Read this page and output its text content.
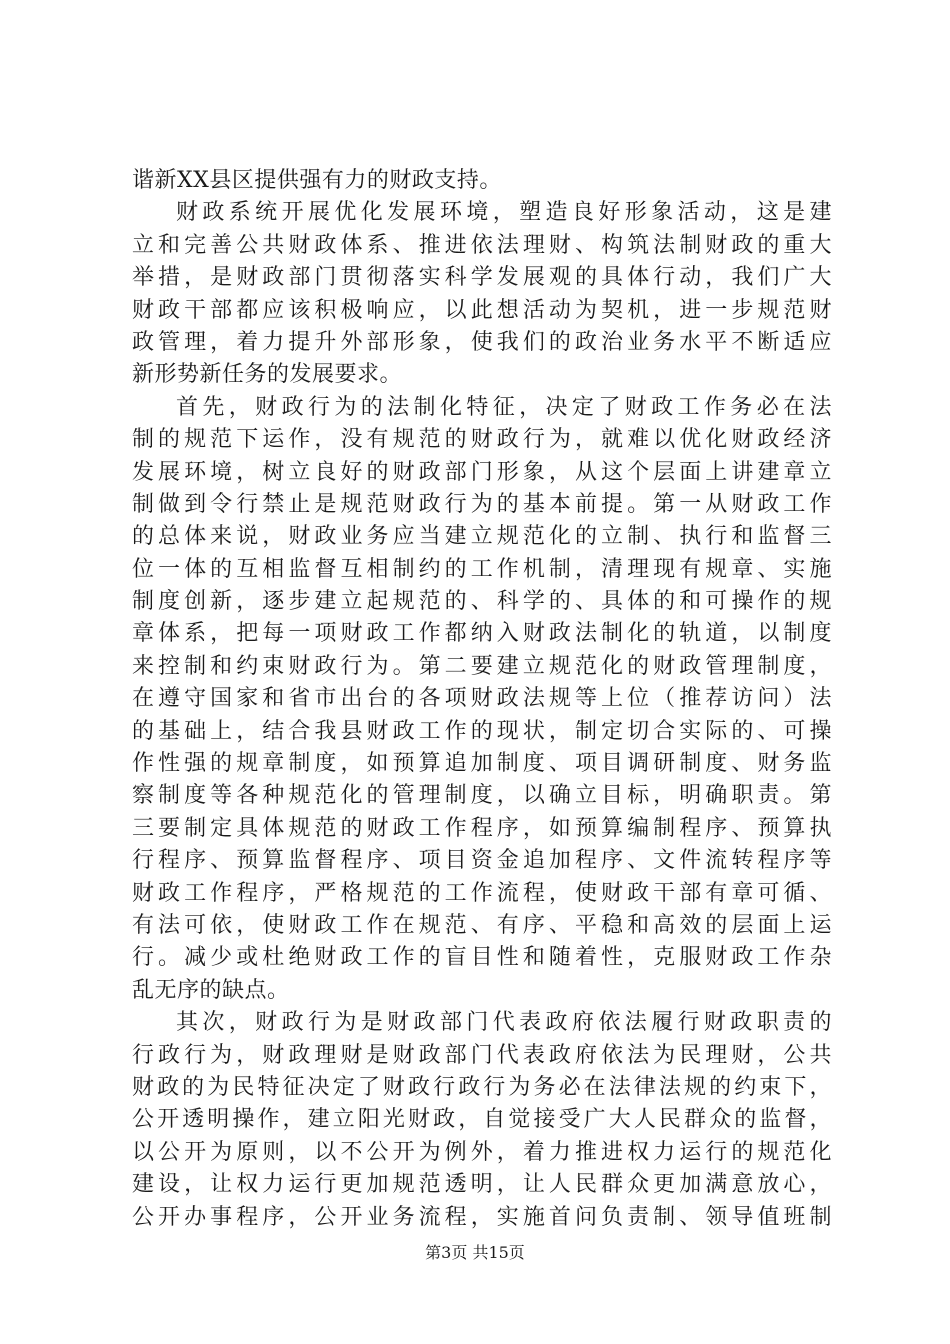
谐新XX县区提供强有力的财政支持。
财政系统开展优化发展环境，塑造良好形象活动，这是建
立和完善公共财政体系、推进依法理财、构筑法制财政的重大
举措，是财政部门贯彻落实科学发展观的具体行动，我们广大
财政干部都应该积极响应，以此想活动为契机，进一步规范财
政管理，着力提升外部形象，使我们的政治业务水平不断适应
新形势新任务的发展要求。
首先，财政行为的法制化特征，决定了财政工作务必在法
制的规范下运作，没有规范的财政行为，就难以优化财政经济
发展环境，树立良好的财政部门形象，从这个层面上讲建章立
制做到令行禁止是规范财政行为的基本前提。第一从财政工作
的总体来说，财政业务应当建立规范化的立制、执行和监督三
位一体的互相监督互相制约的工作机制，清理现有规章、实施
制度创新，逐步建立起规范的、科学的、具体的和可操作的规
章体系，把每一项财政工作都纳入财政法制化的轨道，以制度
来控制和约束财政行为。第二要建立规范化的财政管理制度，
在遵守国家和省市出台的各项财政法规等上位（推荐访问）法
的基础上，结合我县财政工作的现状，制定切合实际的、可操
作性强的规章制度，如预算追加制度、项目调研制度、财务监
察制度等各种规范化的管理制度，以确立目标，明确职责。第
三要制定具体规范的财政工作程序，如预算编制程序、预算执
行程序、预算监督程序、项目资金追加程序、文件流转程序等
财政工作程序，严格规范的工作流程，使财政干部有章可循、
有法可依，使财政工作在规范、有序、平稳和高效的层面上运
行。减少或杜绝财政工作的盲目性和随着性，克服财政工作杂
乱无序的缺点。
其次，财政行为是财政部门代表政府依法履行财政职责的
行政行为，财政理财是财政部门代表政府依法为民理财，公共
财政的为民特征决定了财政行政行为务必在法律法规的约束下，
公开透明操作，建立阳光财政，自觉接受广大人民群众的监督，
以公开为原则，以不公开为例外，着力推进权力运行的规范化
建设，让权力运行更加规范透明，让人民群众更加满意放心，
公开办事程序，公开业务流程，实施首问负责制、领导值班制
第3页 共15页
